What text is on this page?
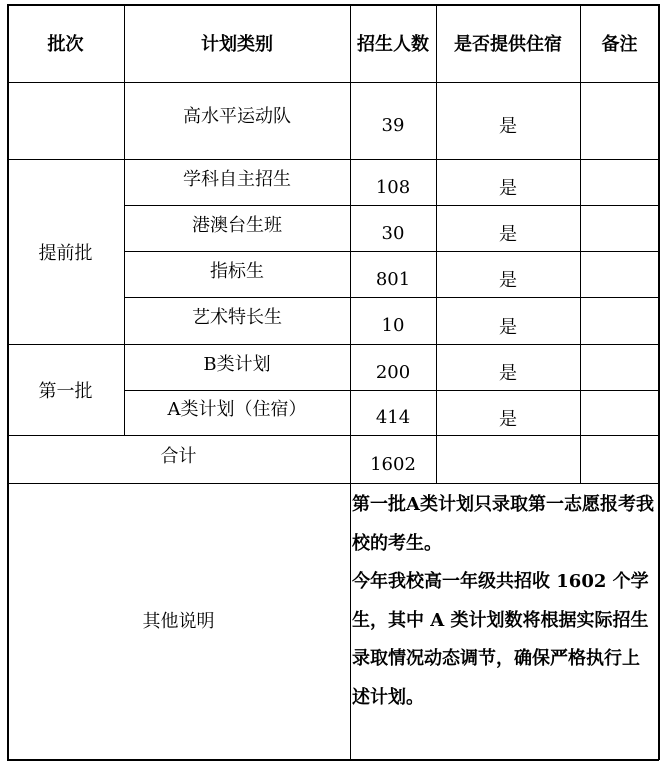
批次	计划类别	招生人数	是否提供住宿	备注
高水平运动队	39	是
提前批
学科自主招生	108	是
港澳台生班	30	是
指标生	801	是
艺术特长生	10	是
第一批
B类计划	200	是
A类计划（住宿）	414	是
合计	1602
其他说明

第一批A类计划只录取第一志愿报考我校的考生。

今年我校高一年级共招收 1602 个学生，其中 A 类计划数将根据实际招生录取情况动态调节，确保严格执行上述计划。
